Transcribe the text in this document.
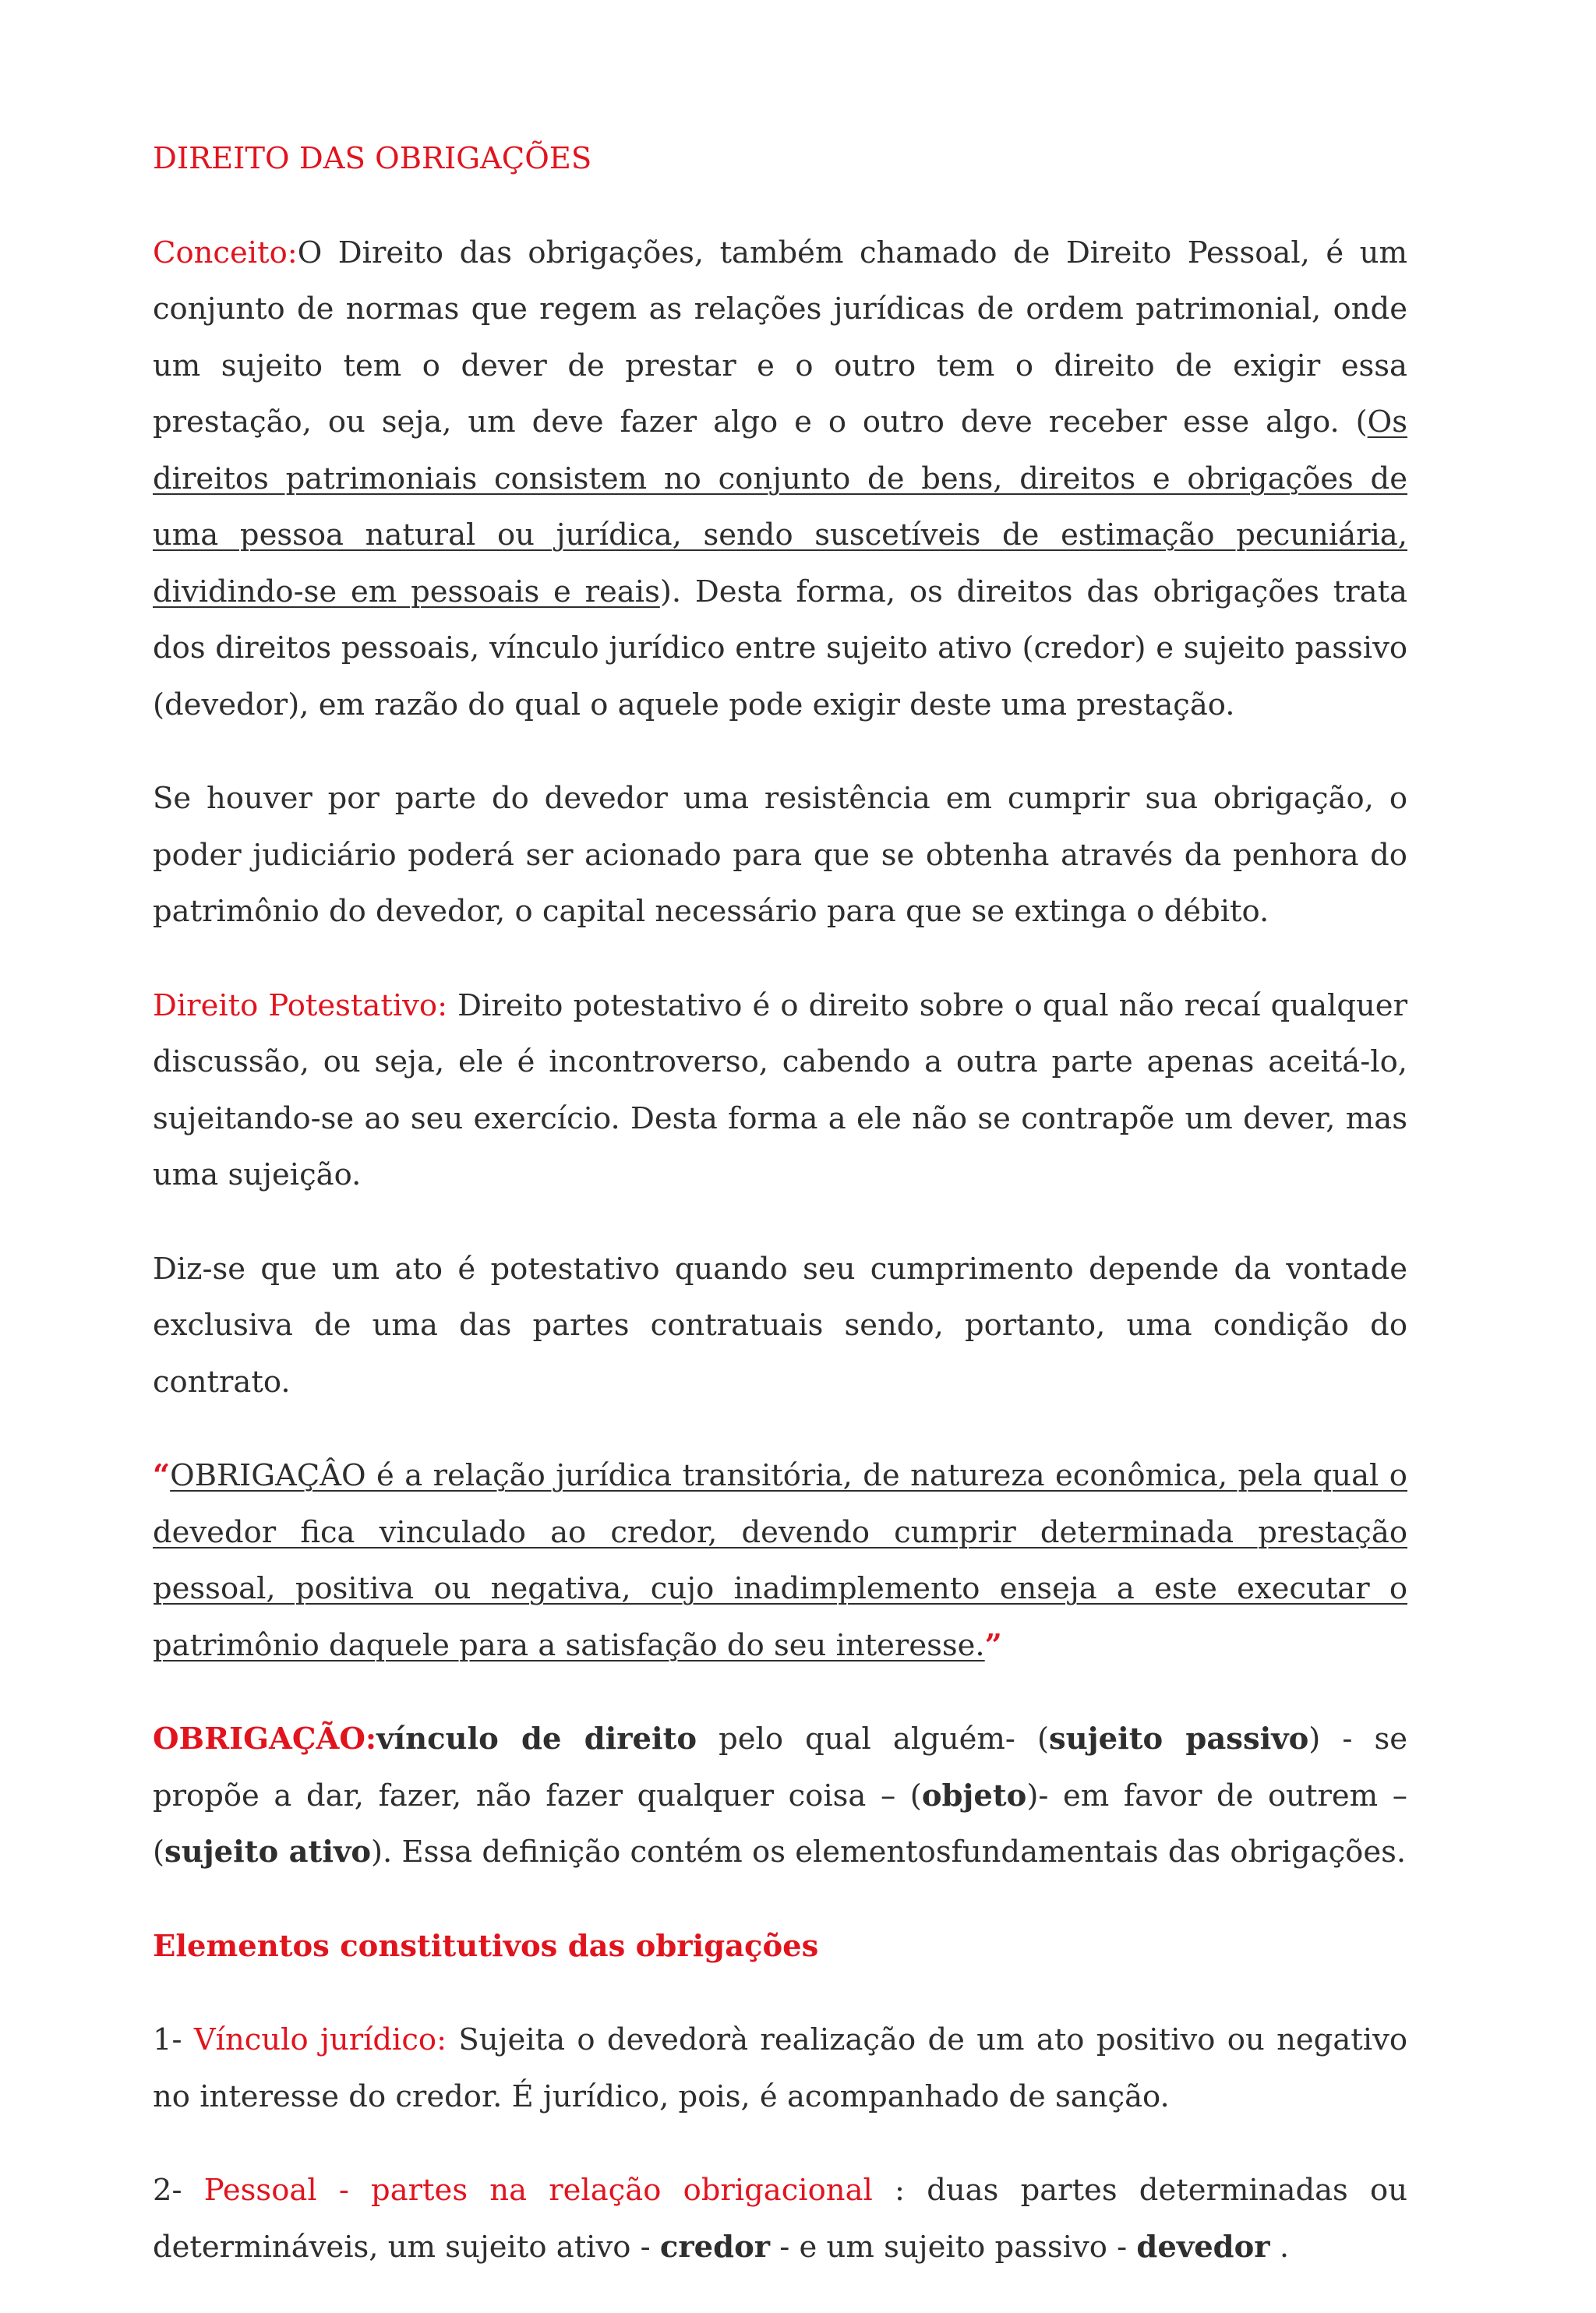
DIREITO DAS OBRIGAÇÕES

Conceito:O Direito das obrigações, também chamado de Direito Pessoal, é um conjunto de normas que regem as relações jurídicas de ordem patrimonial, onde um sujeito tem o dever de prestar e o outro tem o direito de exigir essa prestação, ou seja, um deve fazer algo e o outro deve receber esse algo. (Os direitos patrimoniais consistem no conjunto de bens, direitos e obrigações de uma pessoa natural ou jurídica, sendo suscetíveis de estimação pecuniária, dividindo-se em pessoais e reais). Desta forma, os direitos das obrigações trata dos direitos pessoais, vínculo jurídico entre sujeito ativo (credor) e sujeito passivo (devedor), em razão do qual o aquele pode exigir deste uma prestação.

Se houver por parte do devedor uma resistência em cumprir sua obrigação, o poder judiciário poderá ser acionado para que se obtenha através da penhora do patrimônio do devedor, o capital necessário para que se extinga o débito.

Direito Potestativo: Direito potestativo é o direito sobre o qual não recaí qualquer discussão, ou seja, ele é incontroverso, cabendo a outra parte apenas aceitá-lo, sujeitando-se ao seu exercício. Desta forma a ele não se contrapõe um dever, mas uma sujeição.

Diz-se que um ato é potestativo quando seu cumprimento depende da vontade exclusiva de uma das partes contratuais sendo, portanto, uma condição do contrato.

“OBRIGAÇÂO é a relação jurídica transitória, de natureza econômica, pela qual o devedor fica vinculado ao credor, devendo cumprir determinada prestação pessoal, positiva ou negativa, cujo inadimplemento enseja a este executar o patrimônio daquele para a satisfação do seu interesse.”

OBRIGAÇÃO:vínculo de direito pelo qual alguém- (sujeito passivo) - se propõe a dar, fazer, não fazer qualquer coisa – (objeto)- em favor de outrem – (sujeito ativo). Essa definição contém os elementosfundamentais das obrigações.

Elementos constitutivos das obrigações

1- Vínculo jurídico: Sujeita o devedorà realização de um ato positivo ou negativo no interesse do credor. É jurídico, pois, é acompanhado de sanção.

2- Pessoal - partes na relação obrigacional : duas partes determinadas ou determináveis, um sujeito ativo - credor - e um sujeito passivo - devedor .
